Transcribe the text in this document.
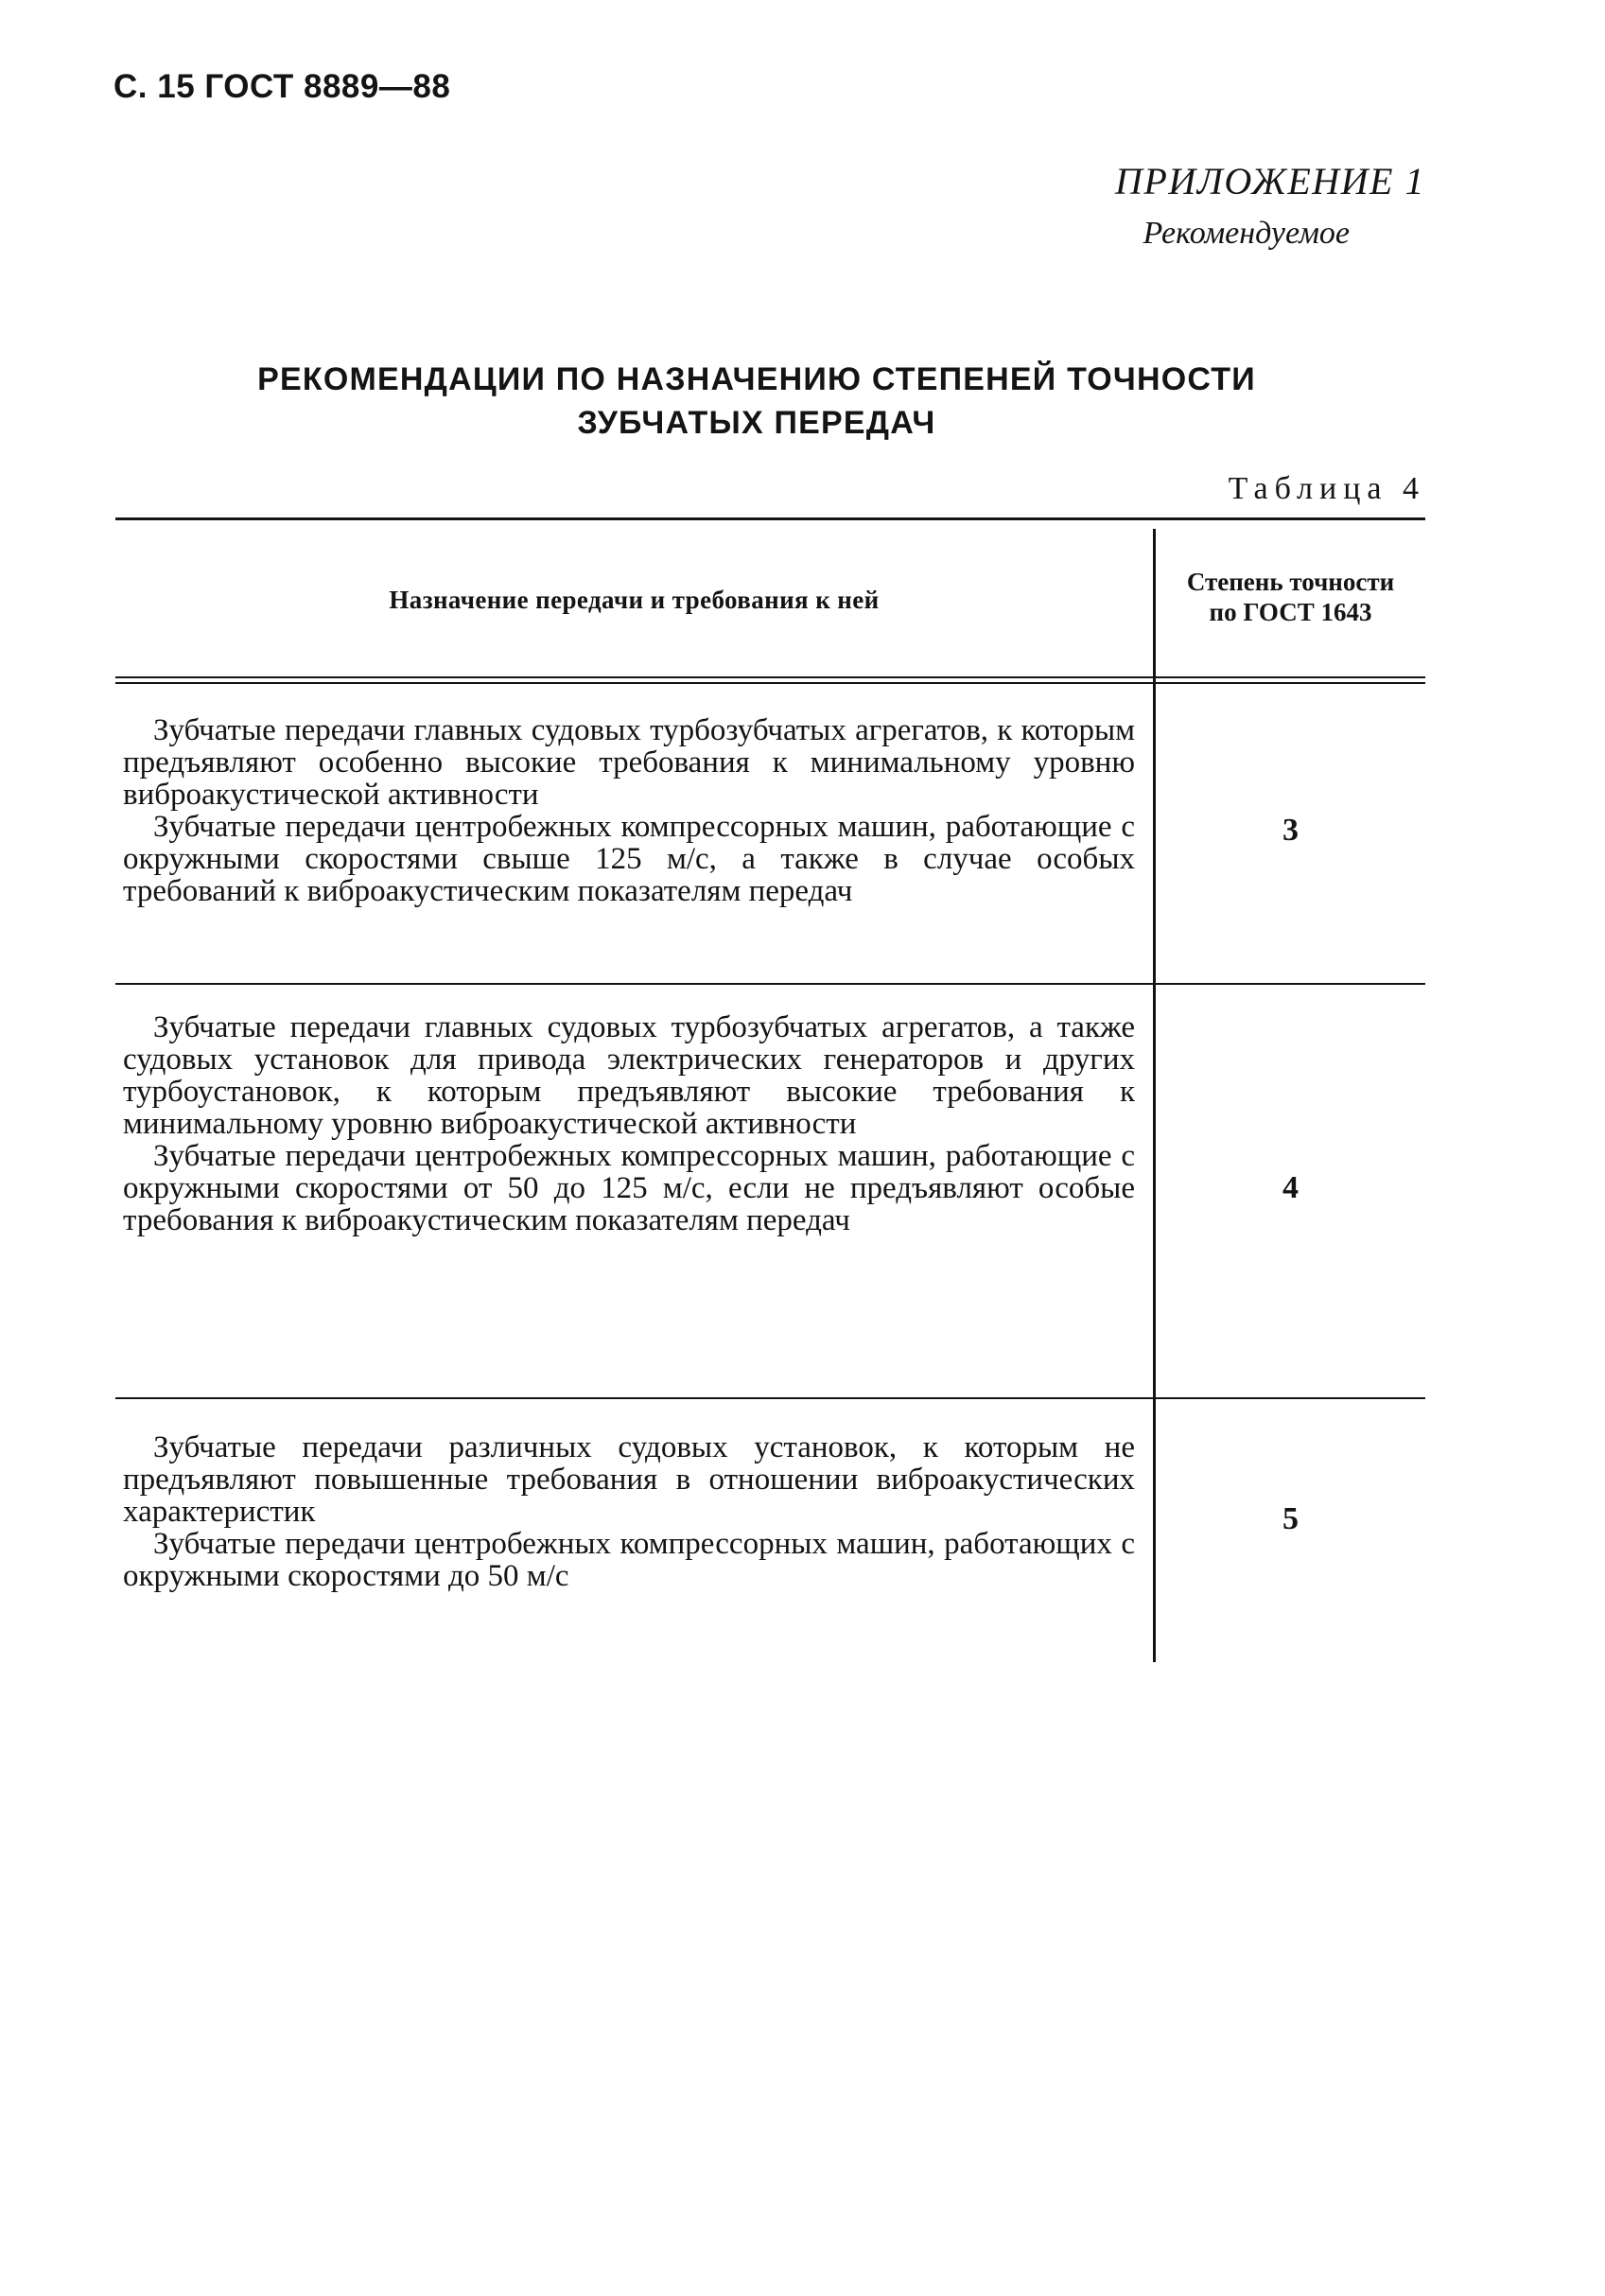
С. 15 ГОСТ 8889—88
ПРИЛОЖЕНИЕ 1
Рекомендуемое
РЕКОМЕНДАЦИИ ПО НАЗНАЧЕНИЮ СТЕПЕНЕЙ ТОЧНОСТИ
ЗУБЧАТЫХ ПЕРЕДАЧ
Таблица 4
Назначение передачи и требования к ней
Степень точности
по ГОСТ 1643

Зубчатые передачи главных судовых турбозубчатых агрегатов, к которым предъявляют особенно высокие требования к минимальному уровню виброакустической активности

Зубчатые передачи центробежных компрессорных машин, работающие с окружными скоростями свыше 125 м/с, а также в случае особых требований к виброакустическим показателям передач

3

Зубчатые передачи главных судовых турбозубчатых агрегатов, а также судовых установок для привода электрических генераторов и других турбоустановок, к которым предъявляют высокие требования к минимальному уровню виброакустической активности

Зубчатые передачи центробежных компрессорных машин, работающие с окружными скоростями от 50 до 125 м/с, если не предъявляют особые требования к виброакустическим показателям передач

4

Зубчатые передачи различных судовых установок, к которым не предъявляют повышенные требования в отношении виброакустических характеристик

Зубчатые передачи центробежных компрессорных машин, работающих с окружными скоростями до 50 м/с

5
